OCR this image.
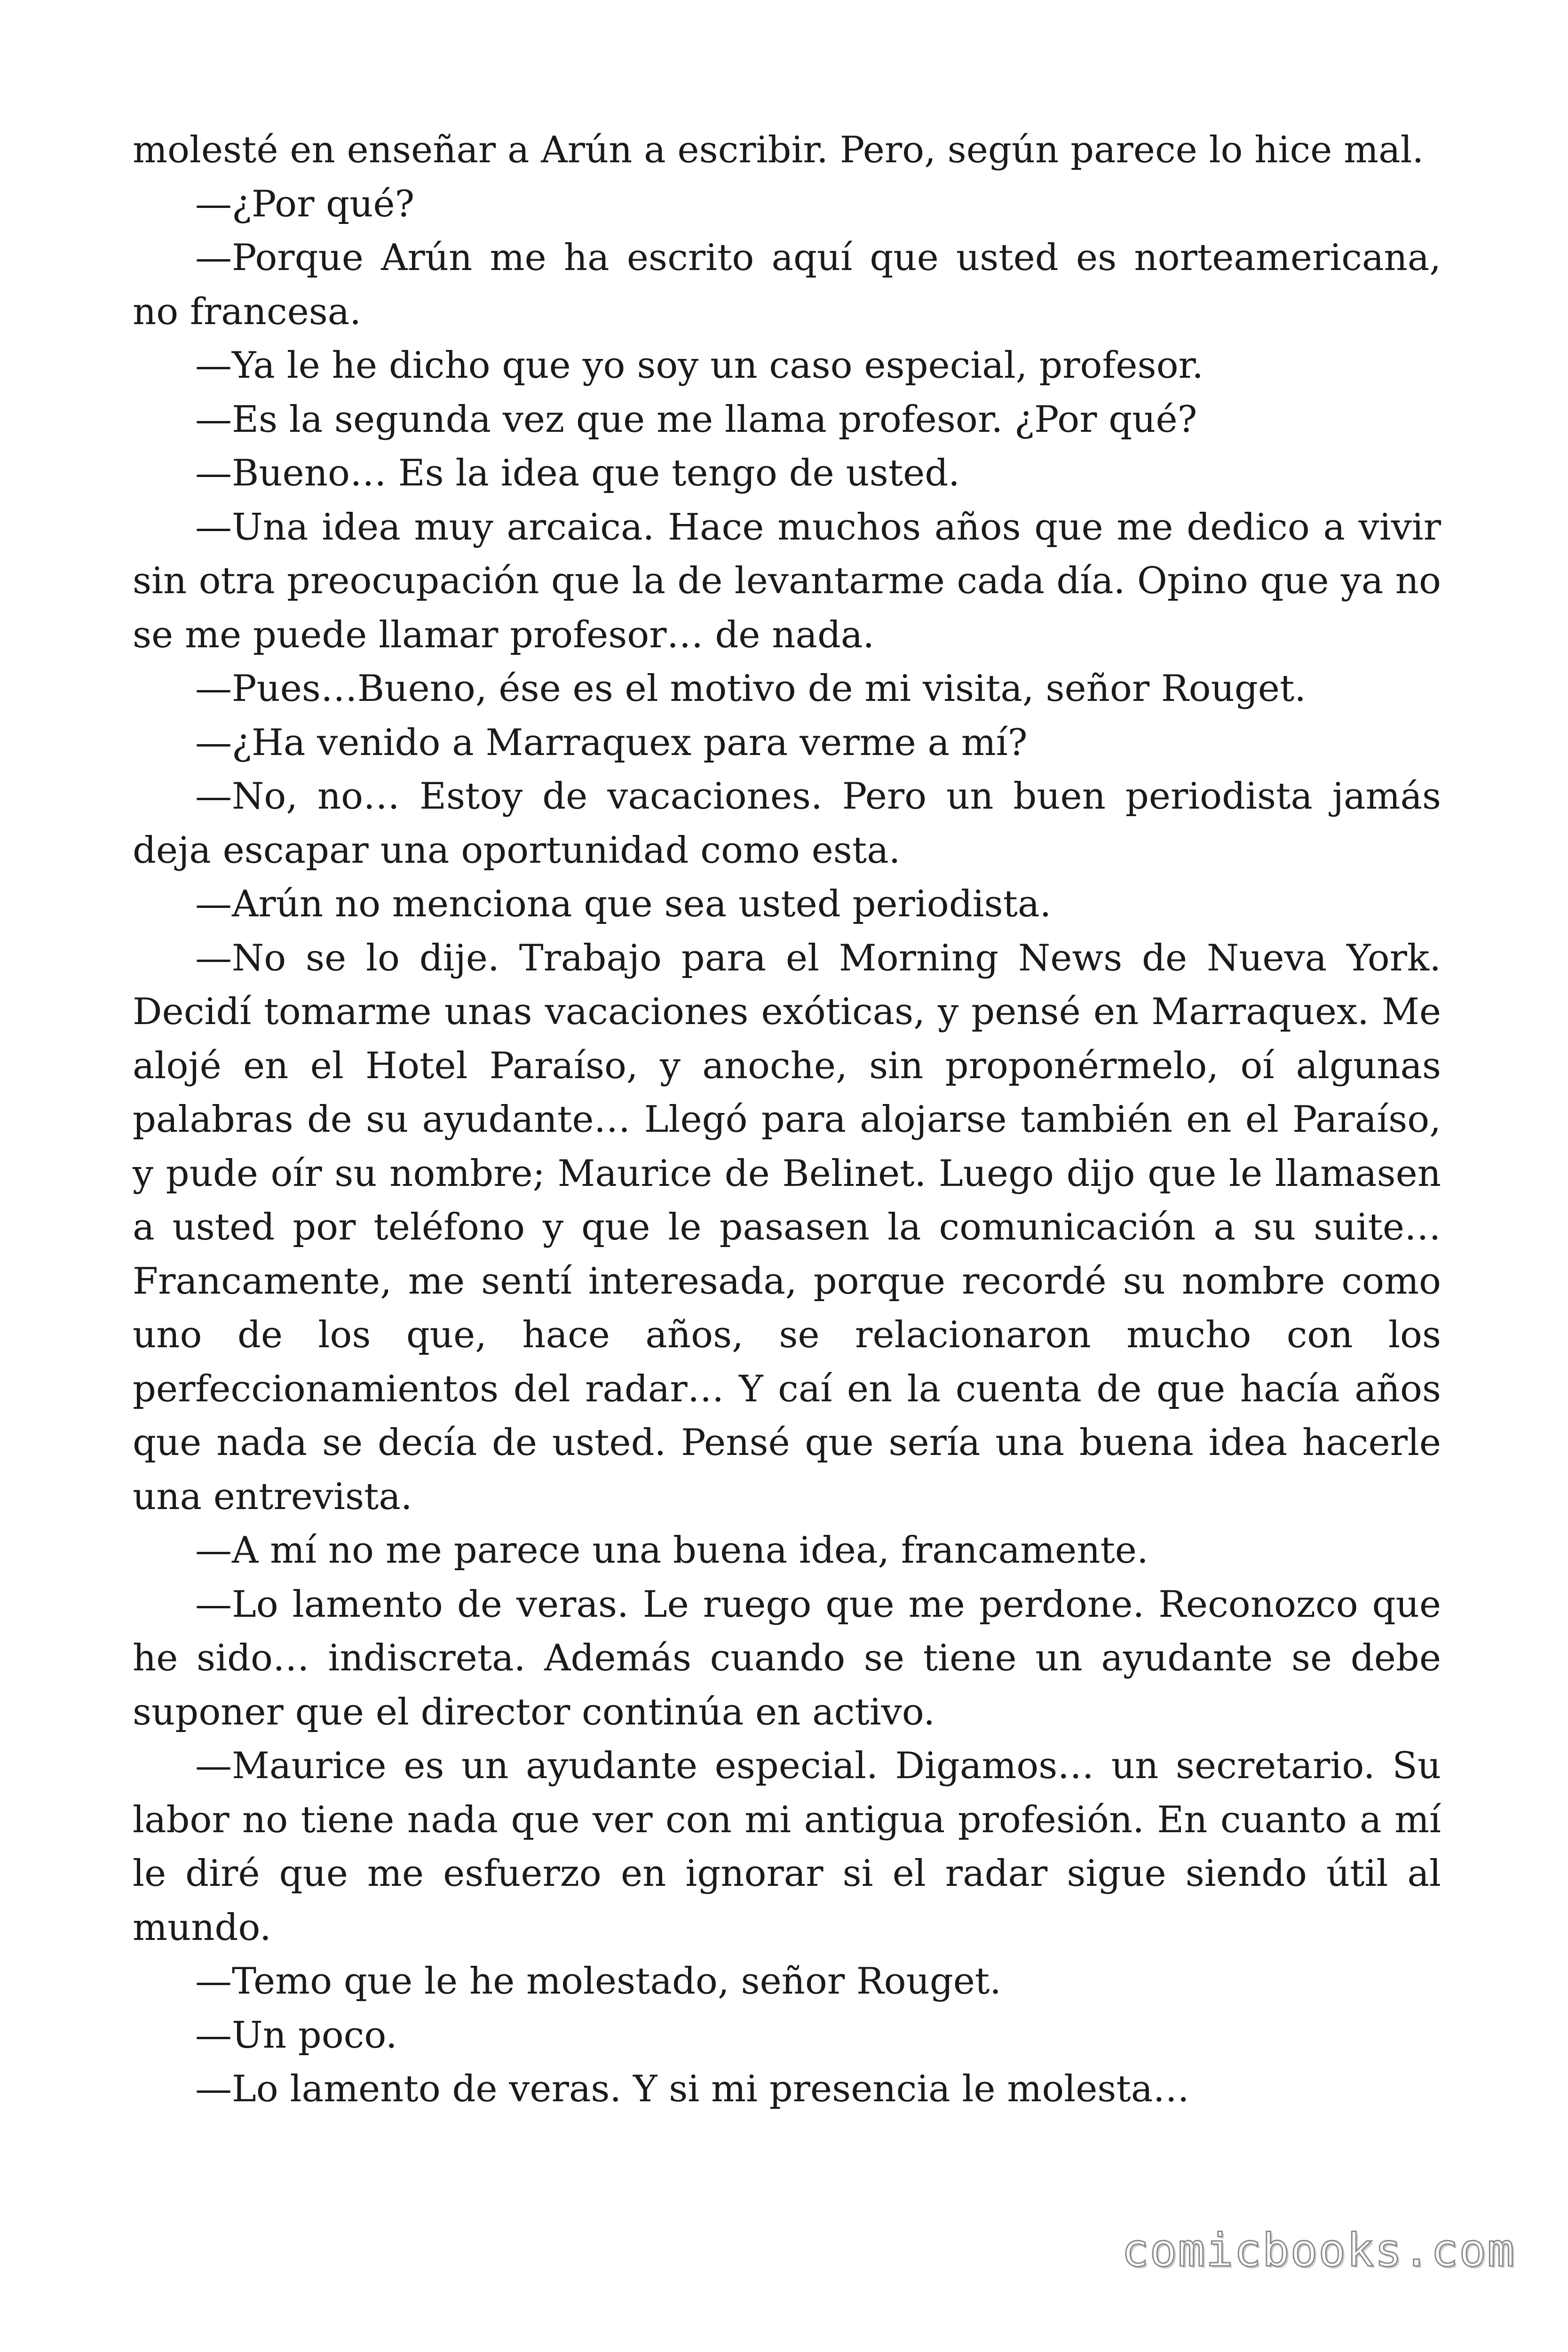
molesté en enseñar a Arún a escribir. Pero, según parece lo hice mal.

—¿Por qué?

—Porque Arún me ha escrito aquí que usted es norteamericana, no francesa.

—Ya le he dicho que yo soy un caso especial, profesor.

—Es la segunda vez que me llama profesor. ¿Por qué?

—Bueno… Es la idea que tengo de usted.

—Una idea muy arcaica. Hace muchos años que me dedico a vivir sin otra preocupación que la de levantarme cada día. Opino que ya no se me puede llamar profesor… de nada.

—Pues…Bueno, ése es el motivo de mi visita, señor Rouget.

—¿Ha venido a Marraquex para verme a mí?

—No, no… Estoy de vacaciones. Pero un buen periodista jamás deja escapar una oportunidad como esta.

—Arún no menciona que sea usted periodista.

—No se lo dije. Trabajo para el Morning News de Nueva York. Decidí tomarme unas vacaciones exóticas, y pensé en Marraquex. Me alojé en el Hotel Paraíso, y anoche, sin proponérmelo, oí algunas palabras de su ayudante… Llegó para alojarse también en el Paraíso, y pude oír su nombre; Maurice de Belinet. Luego dijo que le llamasen a usted por teléfono y que le pasasen la comunicación a su suite… Francamente, me sentí interesada, porque recordé su nombre como uno de los que, hace años, se relacionaron mucho con los perfeccionamientos del radar… Y caí en la cuenta de que hacía años que nada se decía de usted. Pensé que sería una buena idea hacerle una entrevista.

—A mí no me parece una buena idea, francamente.

—Lo lamento de veras. Le ruego que me perdone. Reconozco que he sido… indiscreta. Además cuando se tiene un ayudante se debe suponer que el director continúa en activo.

—Maurice es un ayudante especial. Digamos… un secretario. Su labor no tiene nada que ver con mi antigua profesión. En cuanto a mí le diré que me esfuerzo en ignorar si el radar sigue siendo útil al mundo.

—Temo que le he molestado, señor Rouget.

—Un poco.

—Lo lamento de veras. Y si mi presencia le molesta…

comicbooks.com
